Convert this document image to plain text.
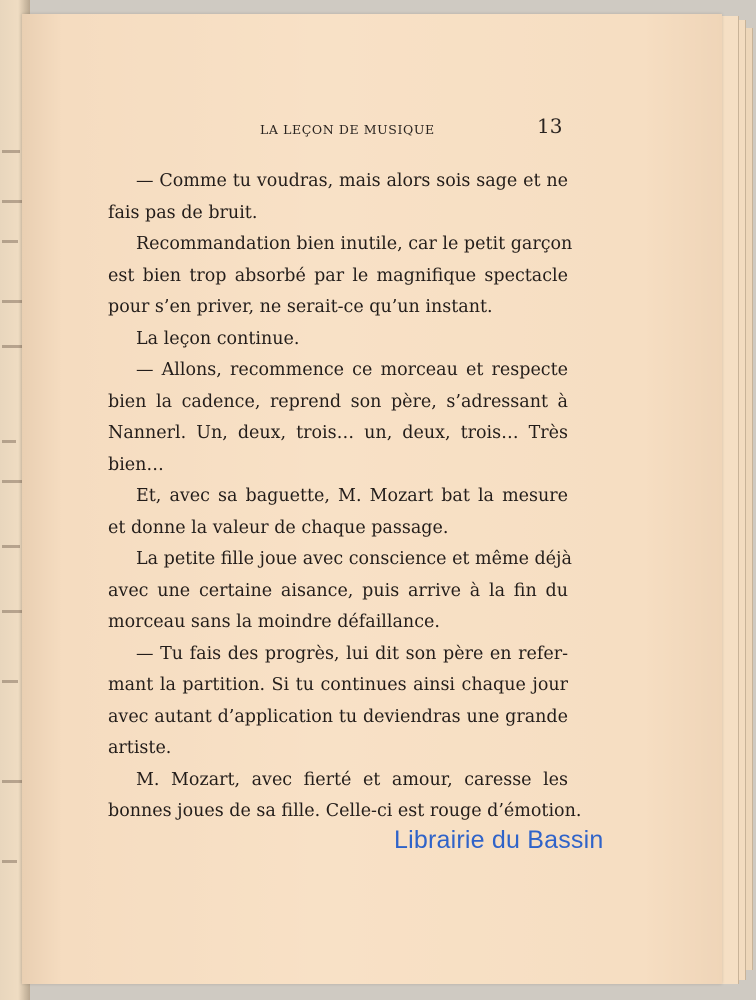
LA LEÇON DE MUSIQUE	13
— Comme tu voudras, mais alors sois sage et ne
fais pas de bruit.
Recommandation bien inutile, car le petit garçon
est bien trop absorbé par le magnifique spectacle
pour s’en priver, ne serait-ce qu’un instant.
La leçon continue.
— Allons, recommence ce morceau et respecte
bien la cadence, reprend son père, s’adressant à
Nannerl. Un, deux, trois… un, deux, trois… Très
bien…
Et, avec sa baguette, M. Mozart bat la mesure
et donne la valeur de chaque passage.
La petite fille joue avec conscience et même déjà
avec une certaine aisance, puis arrive à la fin du
morceau sans la moindre défaillance.
— Tu fais des progrès, lui dit son père en refer-
mant la partition. Si tu continues ainsi chaque jour
avec autant d’application tu deviendras une grande
artiste.
M. Mozart, avec fierté et amour, caresse les
bonnes joues de sa fille. Celle-ci est rouge d’émotion.
Librairie du Bassin
